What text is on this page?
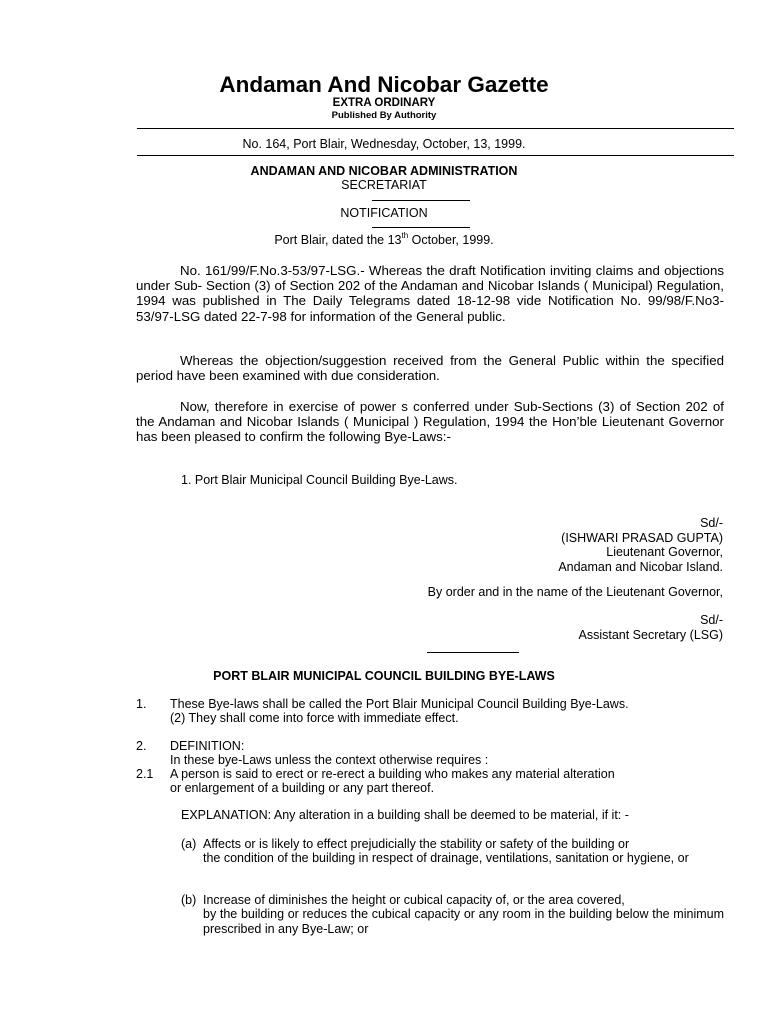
Andaman And Nicobar Gazette
EXTRA ORDINARY
Published By Authority
No. 164, Port Blair, Wednesday, October, 13, 1999.
ANDAMAN AND NICOBAR ADMINISTRATION
SECRETARIAT
NOTIFICATION
Port Blair, dated the 13th October, 1999.

No. 161/99/F.No.3-53/97-LSG.- Whereas the draft Notification inviting claims and objections under Sub- Section (3) of Section 202 of the Andaman and Nicobar Islands ( Municipal) Regulation, 1994 was published in The Daily Telegrams dated 18-12-98 vide Notification No. 99/98/F.No3-53/97-LSG dated 22-7-98 for information of the General public.

Whereas the objection/suggestion received from the General Public within the specified period have been examined with due consideration.

Now, therefore in exercise of power s conferred under Sub-Sections (3) of Section 202 of the Andaman and Nicobar Islands ( Municipal ) Regulation, 1994 the Hon’ble Lieutenant Governor has been pleased to confirm the following Bye-Laws:-

1. Port Blair Municipal Council Building Bye-Laws.
Sd/-
(ISHWARI PRASAD GUPTA)
Lieutenant Governor,
Andaman and Nicobar Island.
By order and in the name of the Lieutenant Governor,
Sd/-
Assistant Secretary (LSG)
PORT BLAIR MUNICIPAL COUNCIL BUILDING BYE-LAWS
1. These Bye-laws shall be called the Port Blair Municipal Council Building Bye-Laws.
(2) They shall come into force with immediate effect.
2. DEFINITION:
In these bye-Laws unless the context otherwise requires :
2.1 A person is said to erect or re-erect a building who makes any material alteration
or enlargement of a building or any part thereof.
EXPLANATION: Any alteration in a building shall be deemed to be material, if it: -
(a) Affects or is likely to effect prejudicially the stability or safety of the building or
the condition of the building in respect of drainage, ventilations, sanitation or hygiene, or
(b) Increase of diminishes the height or cubical capacity of, or the area covered,
by the building or reduces the cubical capacity or any room in the building below the minimum prescribed in any Bye-Law; or
